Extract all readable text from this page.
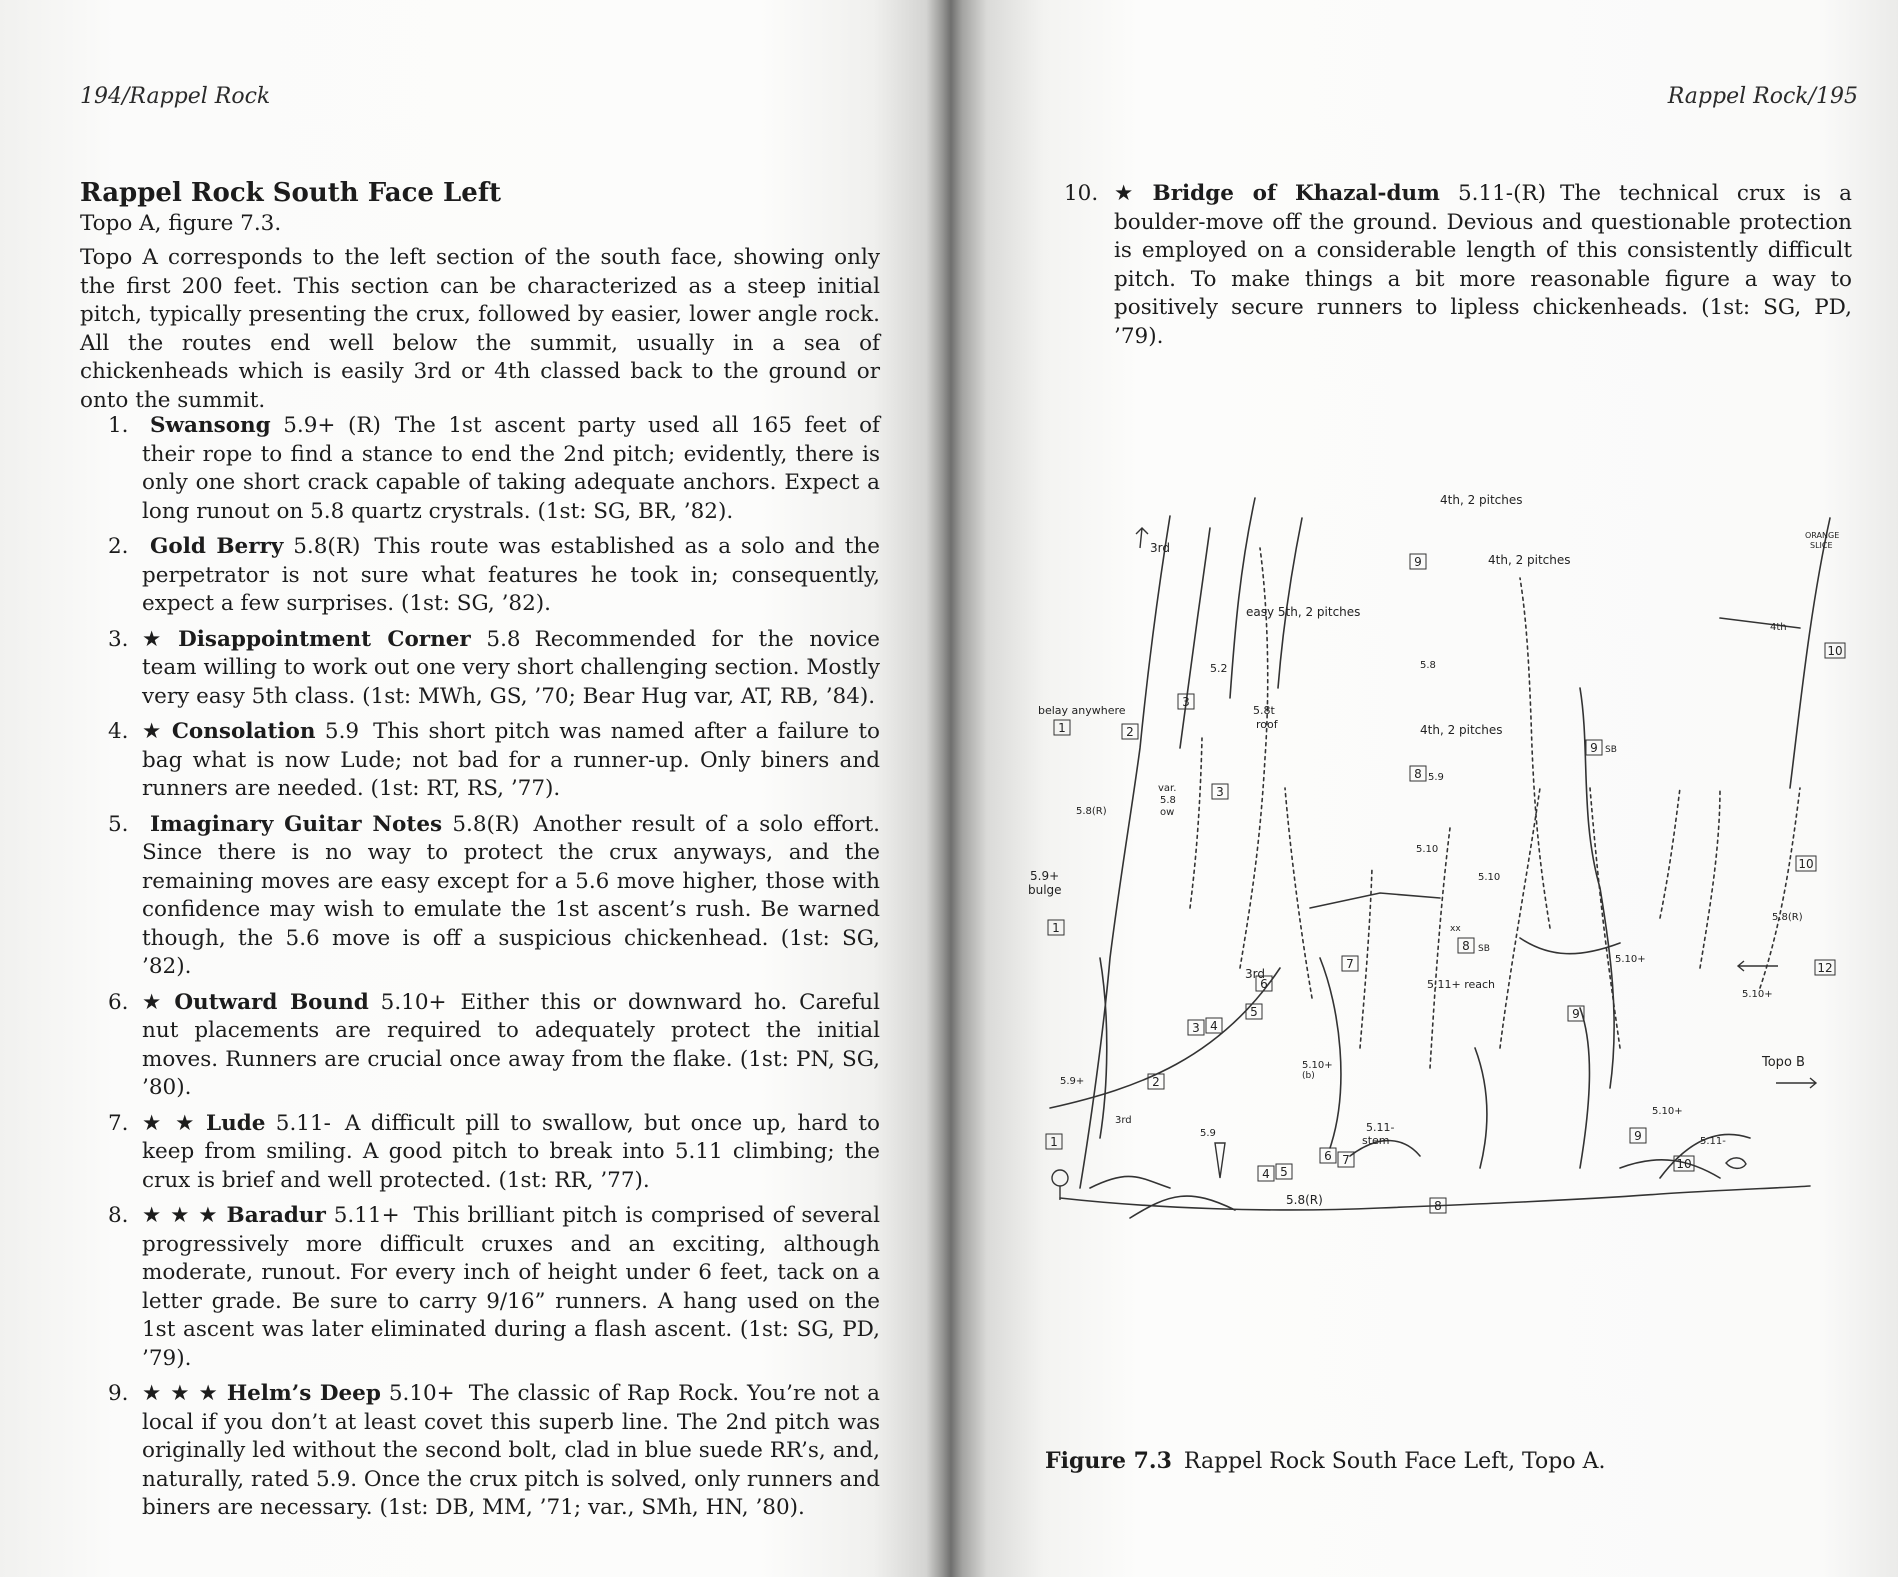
194/Rappel Rock
Rappel Rock South Face Left
Topo A, figure 7.3.

Topo A corresponds to the left section of the south face, showing only the first 200 feet. This section can be characterized as a steep initial pitch, typically presenting the crux, followed by easier, lower angle rock. All the routes end well below the summit, usually in a sea of chickenheads which is easily 3rd or 4th classed back to the ground or onto the summit.

1. Swansong 5.9+ (R) The 1st ascent party used all 165 feet of their rope to find a stance to end the 2nd pitch; evidently, there is only one short crack capable of taking adequate anchors. Expect a long runout on 5.8 quartz crystrals. (1st: SG, BR, ’82).
2. Gold Berry 5.8(R) This route was established as a solo and the perpetrator is not sure what features he took in; consequently, expect a few surprises. (1st: SG, ’82).
3. ★ Disappointment Corner 5.8 Recommended for the novice team willing to work out one very short challenging section. Mostly very easy 5th class. (1st: MWh, GS, ’70; Bear Hug var, AT, RB, ’84).
4. ★ Consolation 5.9 This short pitch was named after a failure to bag what is now Lude; not bad for a runner-up. Only biners and runners are needed. (1st: RT, RS, ’77).
5. Imaginary Guitar Notes 5.8(R) Another result of a solo effort. Since there is no way to protect the crux anyways, and the remaining moves are easy except for a 5.6 move higher, those with confidence may wish to emulate the 1st ascent’s rush. Be warned though, the 5.6 move is off a suspicious chickenhead. (1st: SG, ’82).
6. ★ Outward Bound 5.10+ Either this or downward ho. Careful nut placements are required to adequately protect the initial moves. Runners are crucial once away from the flake. (1st: PN, SG, ’80).
7. ★ ★ Lude 5.11- A difficult pill to swallow, but once up, hard to keep from smiling. A good pitch to break into 5.11 climbing; the crux is brief and well protected. (1st: RR, ’77).
8. ★ ★ ★ Baradur 5.11+ This brilliant pitch is comprised of several progressively more difficult cruxes and an exciting, although moderate, runout. For every inch of height under 6 feet, tack on a letter grade. Be sure to carry 9/16” runners. A hang used on the 1st ascent was later eliminated during a flash ascent. (1st: SG, PD, ’79).
9. ★ ★ ★ Helm’s Deep 5.10+ The classic of Rap Rock. You’re not a local if you don’t at least covet this superb line. The 2nd pitch was originally led without the second bolt, clad in blue suede RR’s, and, naturally, rated 5.9. Once the crux pitch is solved, only runners and biners are necessary. (1st: DB, MM, ’71; var., SMh, HN, ’80).
Rappel Rock/195
10. ★ Bridge of Khazal-dum 5.11-(R) The technical crux is a boulder-move off the ground. Devious and questionable protection is employed on a considerable length of this consistently difficult pitch. To make things a bit more reasonable figure a way to positively secure runners to lipless chickenheads. (1st: SG, PD, ’79).
4th, 2 pitches
4th, 2 pitches
4th, 2 pitches
ORANGE
SLICE
4th
3rd
3rd
3rd
easy 5th, 2 pitches
5.2	5.8
belay anywhere	5.8t
roof
5.8(R)
var.
5.8
ow
5.9
5.9
5.9+
bulge
5.9+
5.10
5.10
5.8(R)
5.8(R)
5.10+
5.10+
5.10+
5.10+
5.11+ reach
5.11-
stem	5.11-
Topo B
SB
SB
xx
(b)
1
1
1
2
2
3
3
3 4
4
5
5
6
6
7
7
8
8
8
9
9
9
9
10
10
10
12
Figure 7.3 Rappel Rock South Face Left, Topo A.
